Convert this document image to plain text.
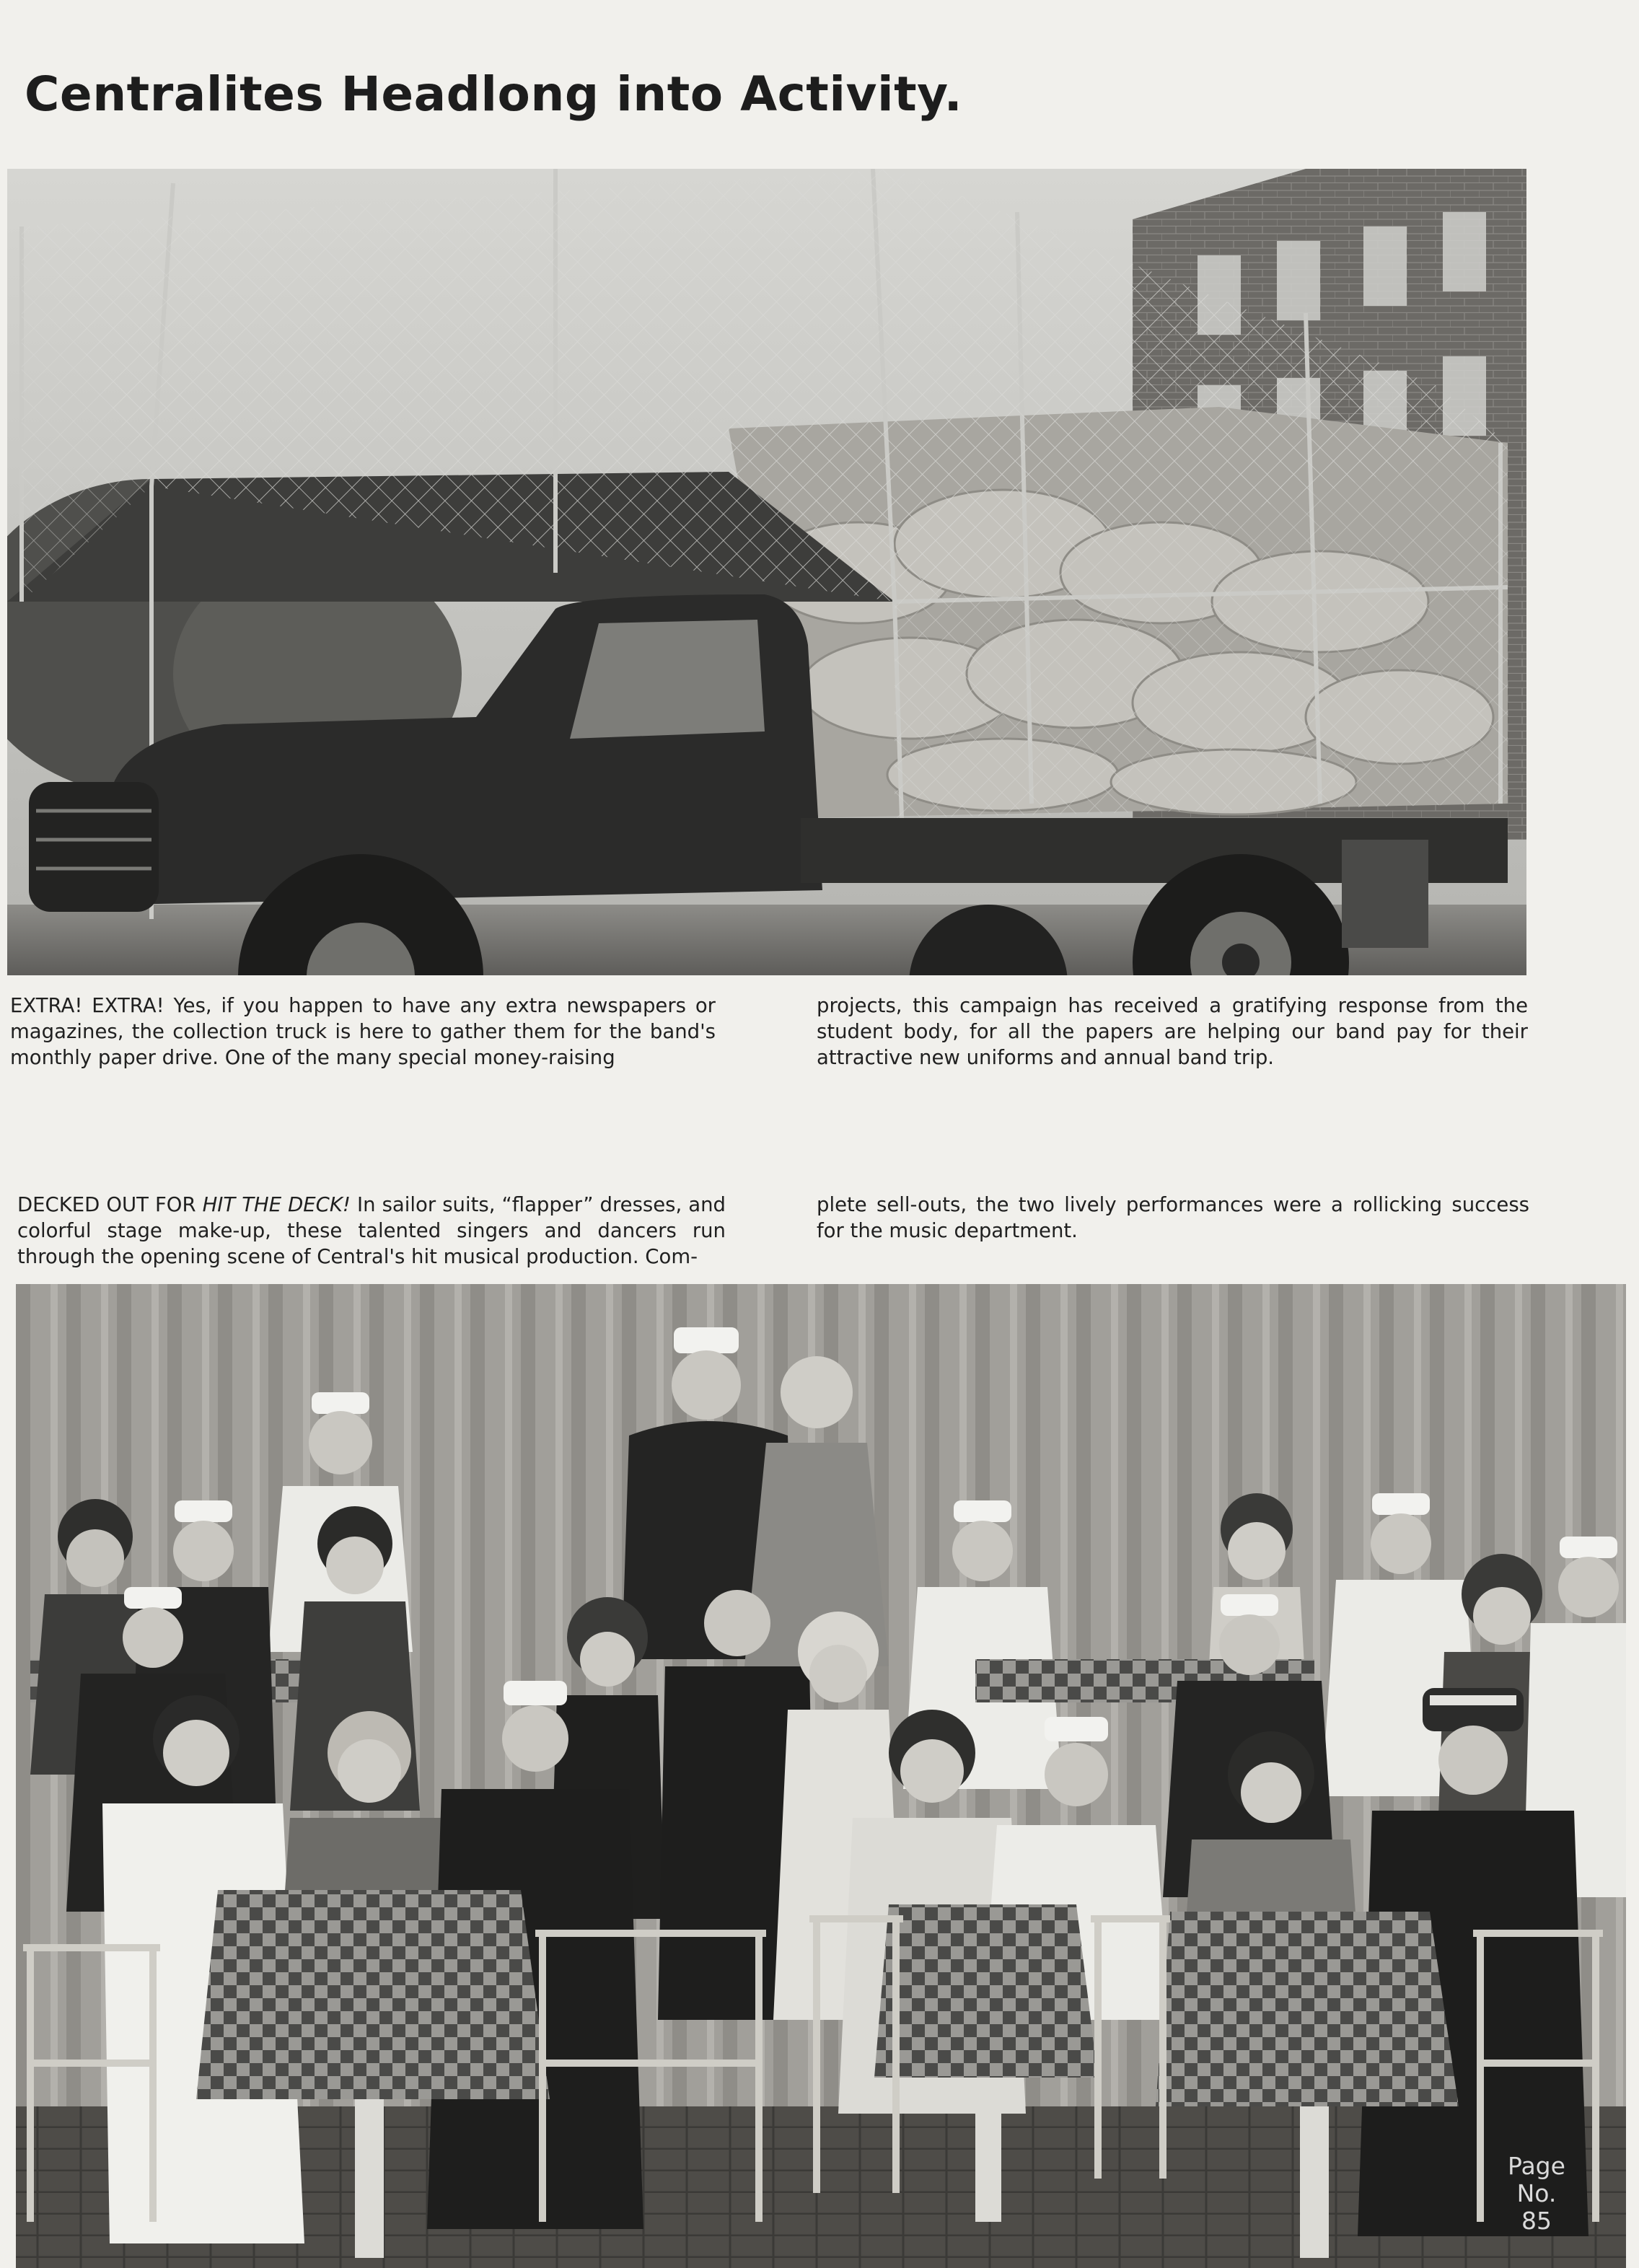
Centralites Headlong into Activity.

EXTRA! EXTRA! Yes, if you happen to have any extra newspapers or magazines, the collection truck is here to gather them for the band's monthly paper drive. One of the many special money-raising

projects, this campaign has received a gratifying response from the student body, for all the papers are helping our band pay for their attractive new uniforms and annual band trip.

DECKED OUT FOR HIT THE DECK! In sailor suits, “flapper” dresses, and colorful stage make-up, these talented singers and dancers run through the opening scene of Central's hit musical production. Com-

plete sell-outs, the two lively performances were a rollicking success for the music department.

Page
No.
85
